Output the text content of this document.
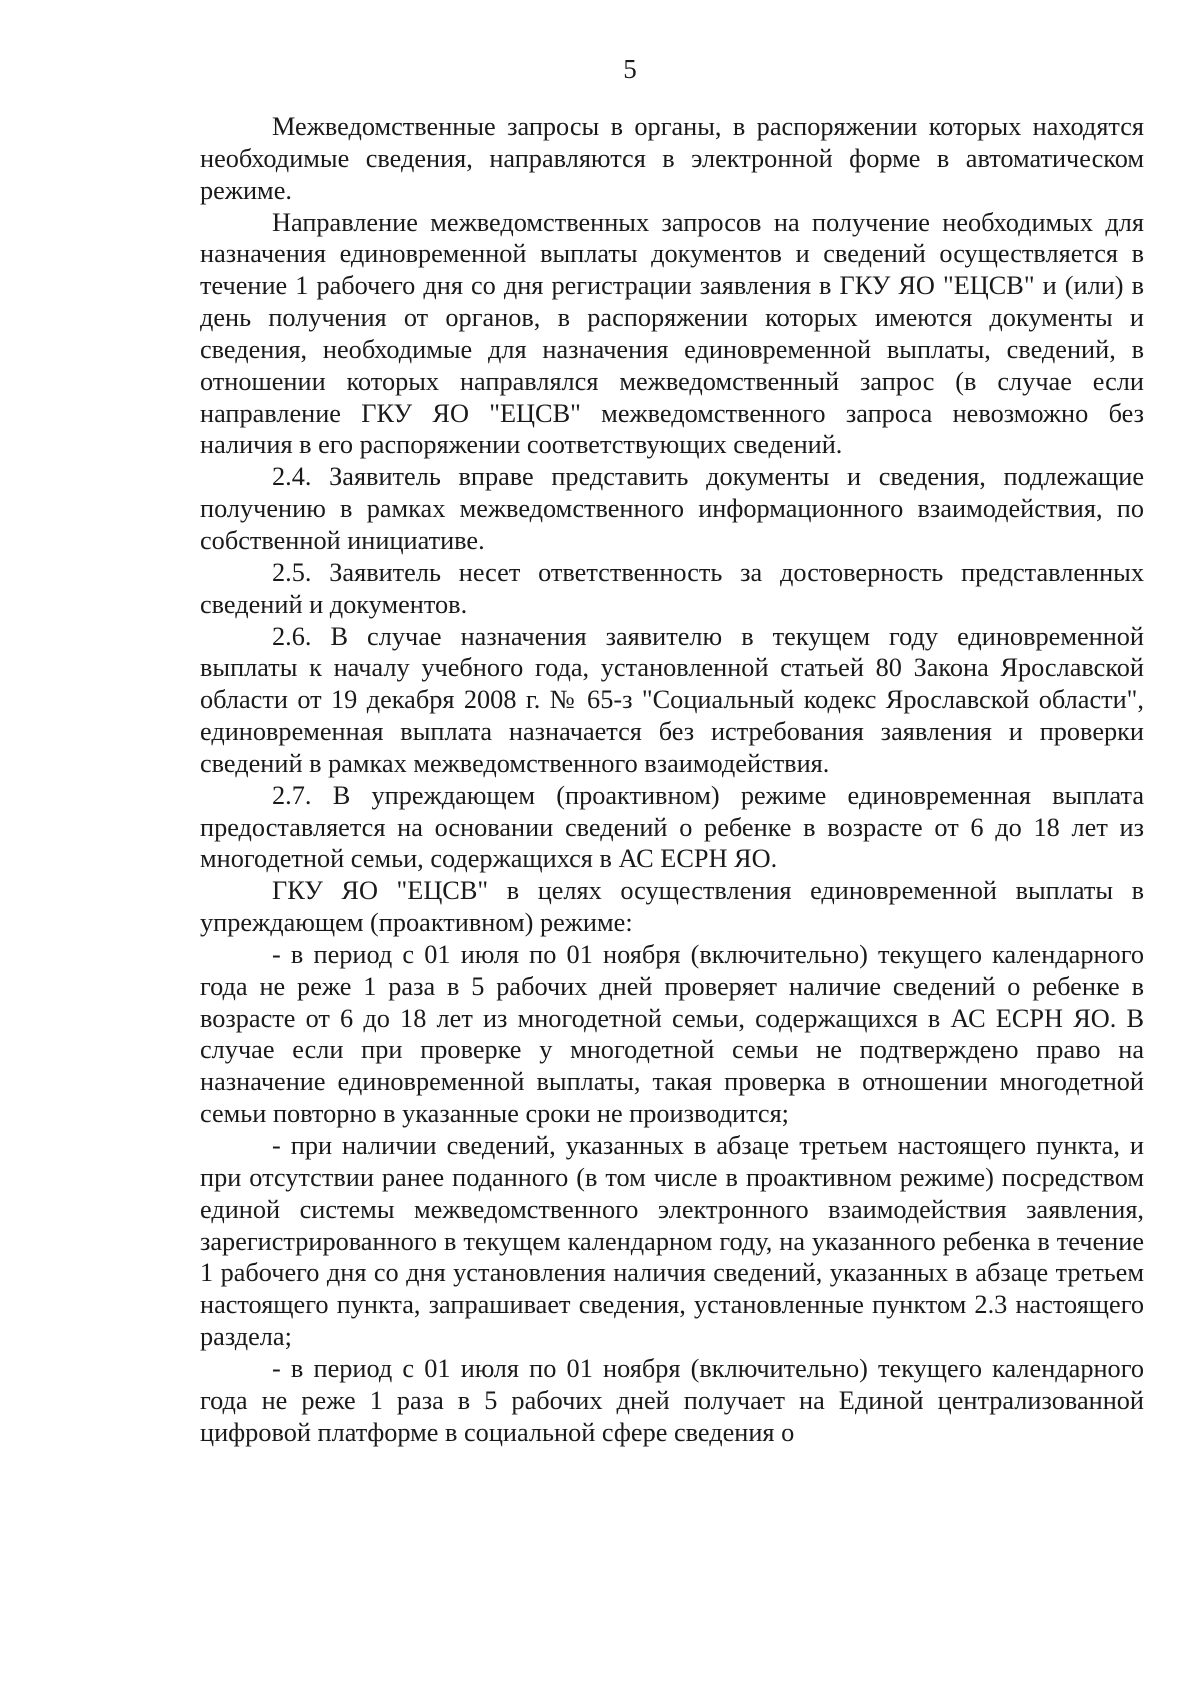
5

Межведомственные запросы в органы, в распоряжении которых находятся необходимые сведения, направляются в электронной форме в автоматическом режиме.

Направление межведомственных запросов на получение необходимых для назначения единовременной выплаты документов и сведений осуществляется в течение 1 рабочего дня со дня регистрации заявления в ГКУ ЯО "ЕЦСВ" и (или) в день получения от органов, в распоряжении которых имеются документы и сведения, необходимые для назначения единовременной выплаты, сведений, в отношении которых направлялся межведомственный запрос (в случае если направление ГКУ ЯО "ЕЦСВ" межведомственного запроса невозможно без наличия в его распоряжении соответствующих сведений.

2.4. Заявитель вправе представить документы и сведения, подлежащие получению в рамках межведомственного информационного взаимодействия, по собственной инициативе.

2.5. Заявитель несет ответственность за достоверность представленных сведений и документов.

2.6. В случае назначения заявителю в текущем году единовременной выплаты к началу учебного года, установленной статьей 80 Закона Ярославской области от 19 декабря 2008 г. № 65-з "Социальный кодекс Ярославской области", единовременная выплата назначается без истребования заявления и проверки сведений в рамках межведомственного взаимодействия.

2.7. В упреждающем (проактивном) режиме единовременная выплата предоставляется на основании сведений о ребенке в возрасте от 6 до 18 лет из многодетной семьи, содержащихся в АС ЕСРН ЯО.

ГКУ ЯО "ЕЦСВ" в целях осуществления единовременной выплаты в упреждающем (проактивном) режиме:

- в период с 01 июля по 01 ноября (включительно) текущего календарного года не реже 1 раза в 5 рабочих дней проверяет наличие сведений о ребенке в возрасте от 6 до 18 лет из многодетной семьи, содержащихся в АС ЕСРН ЯО. В случае если при проверке у многодетной семьи не подтверждено право на назначение единовременной выплаты, такая проверка в отношении многодетной семьи повторно в указанные сроки не производится;

- при наличии сведений, указанных в абзаце третьем настоящего пункта, и при отсутствии ранее поданного (в том числе в проактивном режиме) посредством единой системы межведомственного электронного взаимодействия заявления, зарегистрированного в текущем календарном году, на указанного ребенка в течение 1 рабочего дня со дня установления наличия сведений, указанных в абзаце третьем настоящего пункта, запрашивает сведения, установленные пунктом 2.3 настоящего раздела;

- в период с 01 июля по 01 ноября (включительно) текущего календарного года не реже 1 раза в 5 рабочих дней получает на Единой централизованной цифровой платформе в социальной сфере сведения о
